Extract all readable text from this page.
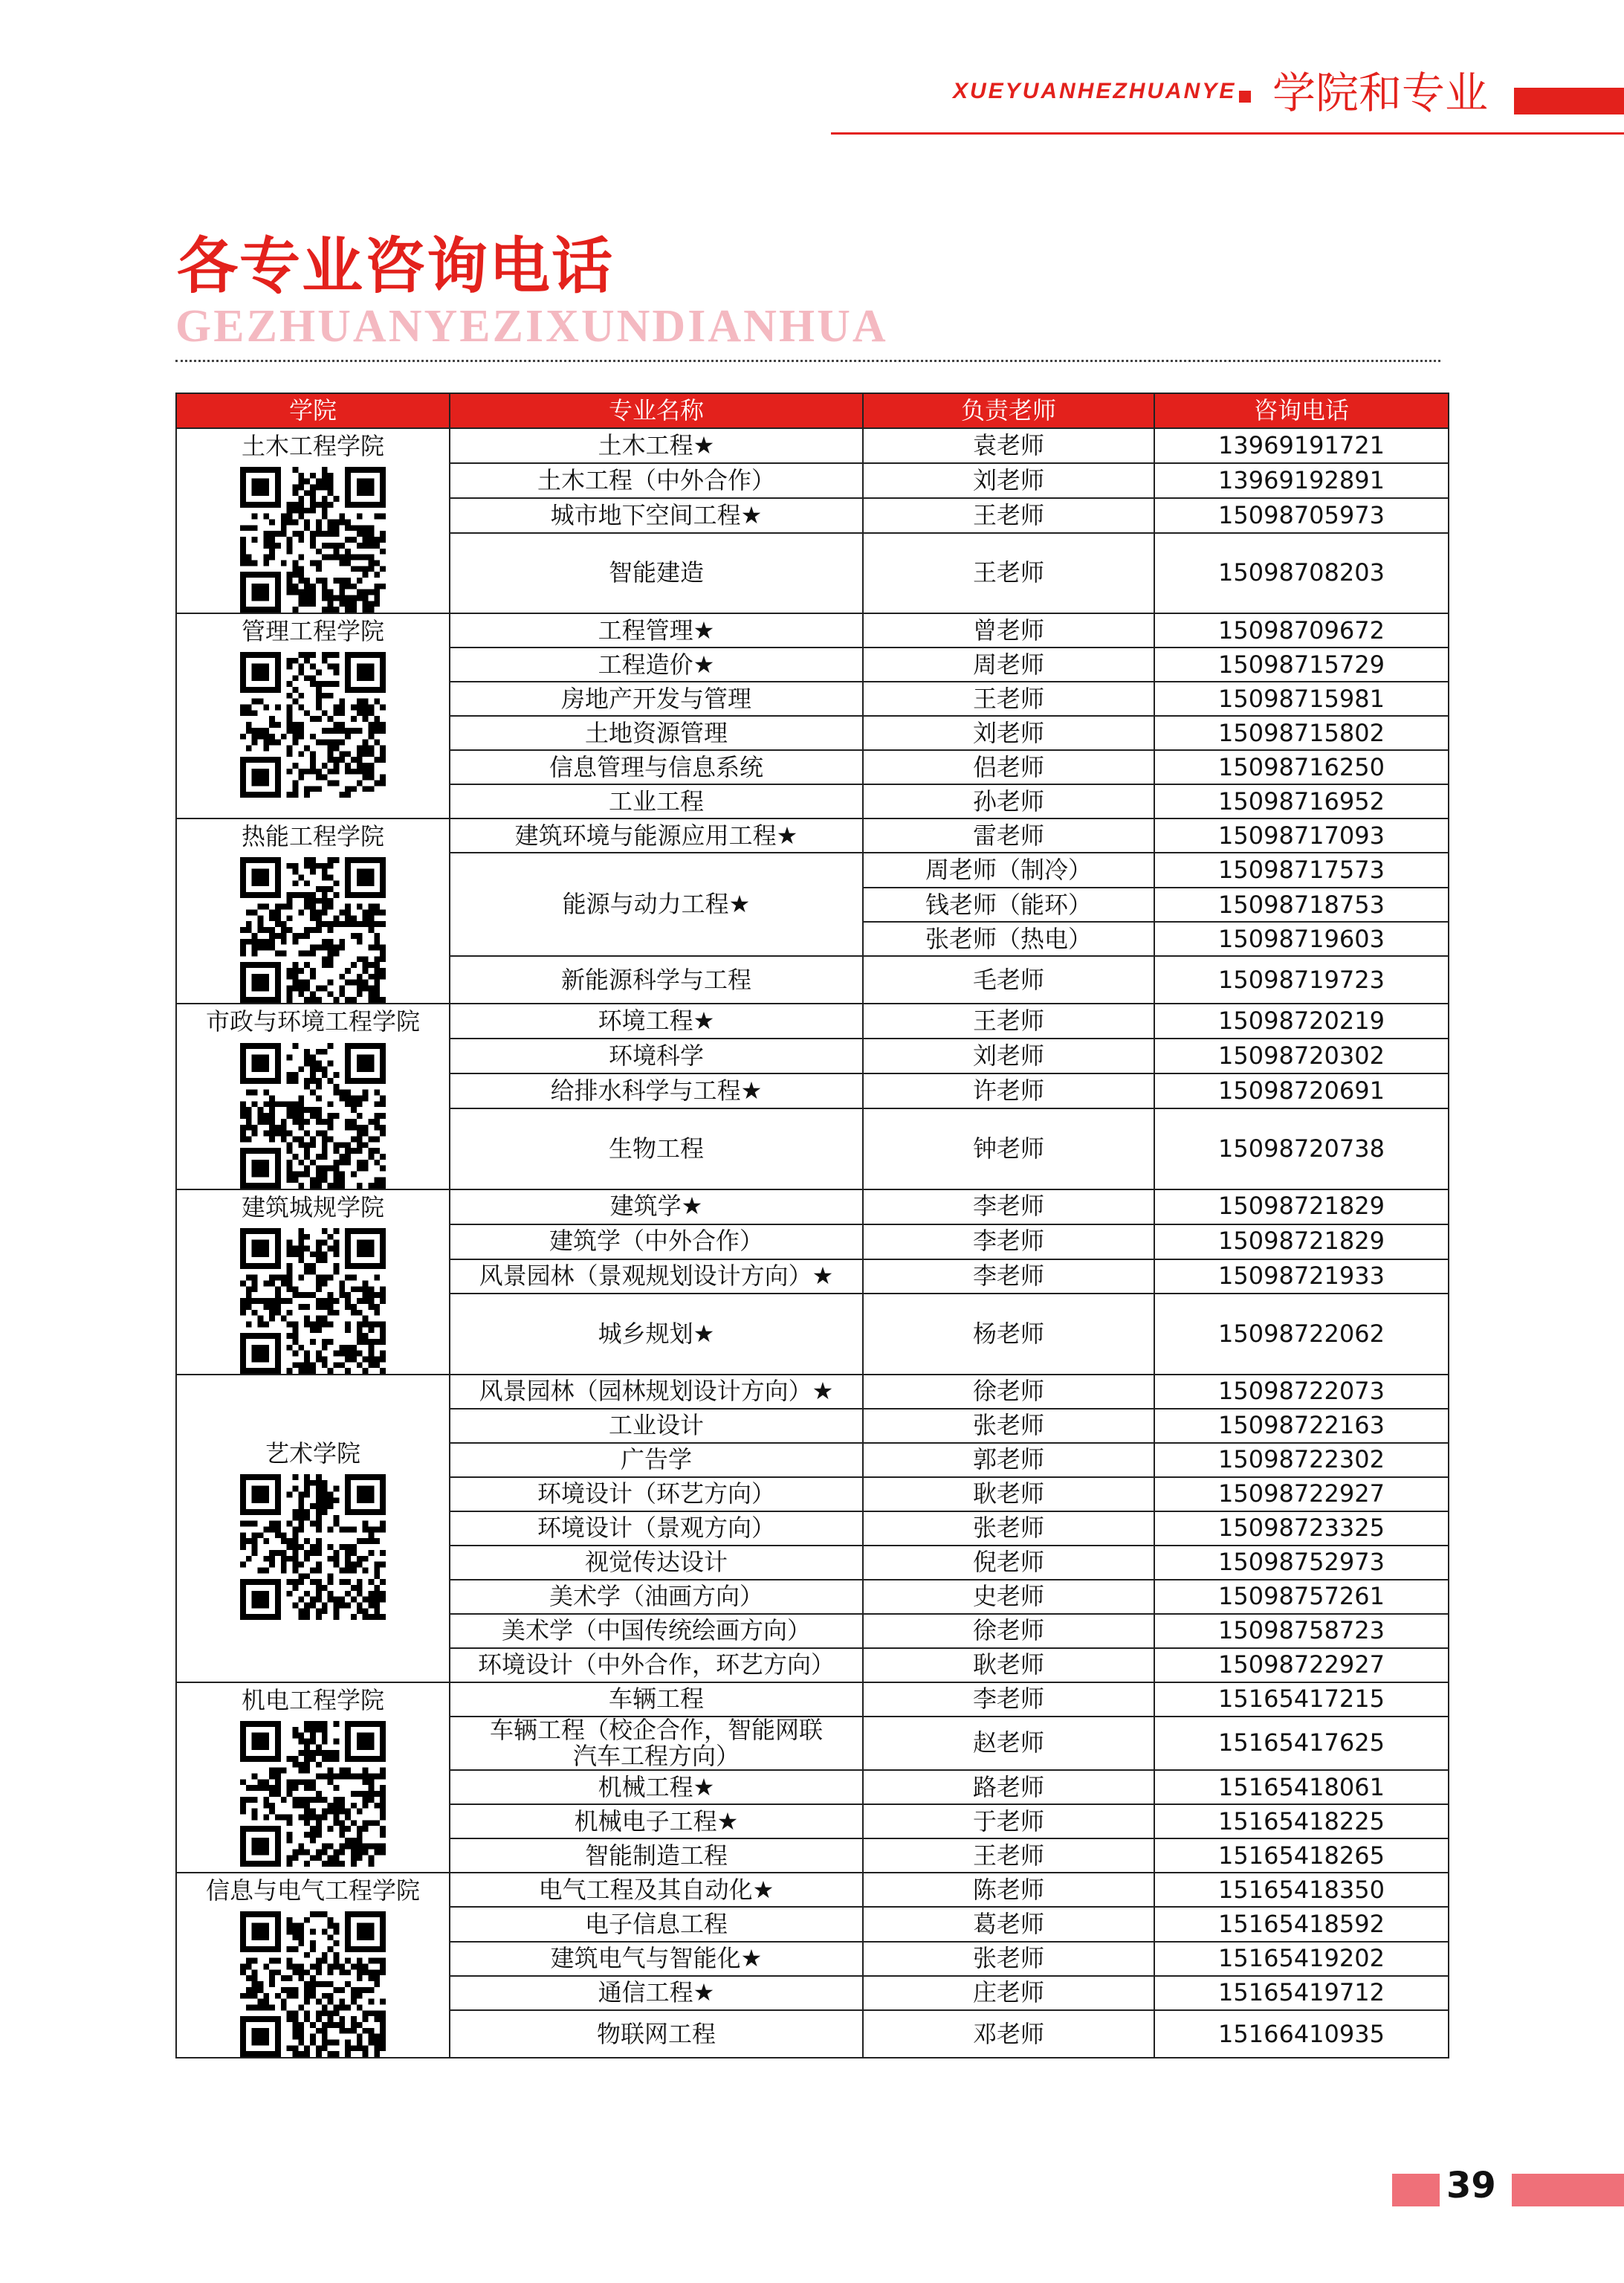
XUEYUANHEZHUANYE 学院和专业
各专业咨询电话
GEZHUANYEZIXUNDIANHUA
学院	专业名称	负责老师	咨询电话

土木工程学院	土木工程★	袁老师	13969191721
	土木工程（中外合作）	刘老师	13969192891
	城市地下空间工程★	王老师	15098705973
	智能建造	王老师	15098708203

管理工程学院	工程管理★	曾老师	15098709672
	工程造价★	周老师	15098715729
	房地产开发与管理	王老师	15098715981
	土地资源管理	刘老师	15098715802
	信息管理与信息系统	侣老师	15098716250
	工业工程	孙老师	15098716952

热能工程学院	建筑环境与能源应用工程★	雷老师	15098717093
	能源与动力工程★	周老师（制冷）	15098717573
		钱老师（能环）	15098718753
		张老师（热电）	15098719603
	新能源科学与工程	毛老师	15098719723

市政与环境工程学院	环境工程★	王老师	15098720219
	环境科学	刘老师	15098720302
	给排水科学与工程★	许老师	15098720691
	生物工程	钟老师	15098720738

建筑城规学院	建筑学★	李老师	15098721829
	建筑学（中外合作）	李老师	15098721829
	风景园林（景观规划设计方向）★	李老师	15098721933
	城乡规划★	杨老师	15098722062

艺术学院	风景园林（园林规划设计方向）★	徐老师	15098722073
	工业设计	张老师	15098722163
	广告学	郭老师	15098722302
	环境设计（环艺方向）	耿老师	15098722927
	环境设计（景观方向）	张老师	15098723325
	视觉传达设计	倪老师	15098752973
	美术学（油画方向）	史老师	15098757261
	美术学（中国传统绘画方向）	徐老师	15098758723
	环境设计（中外合作，环艺方向）	耿老师	15098722927

机电工程学院	车辆工程	李老师	15165417215
	车辆工程（校企合作，智能网联汽车工程方向）	赵老师	15165417625
	机械工程★	路老师	15165418061
	机械电子工程★	于老师	15165418225
	智能制造工程	王老师	15165418265

信息与电气工程学院	电气工程及其自动化★	陈老师	15165418350
	电子信息工程	葛老师	15165418592
	建筑电气与智能化★	张老师	15165419202
	通信工程★	庄老师	15165419712
	物联网工程	邓老师	15166410935
39
